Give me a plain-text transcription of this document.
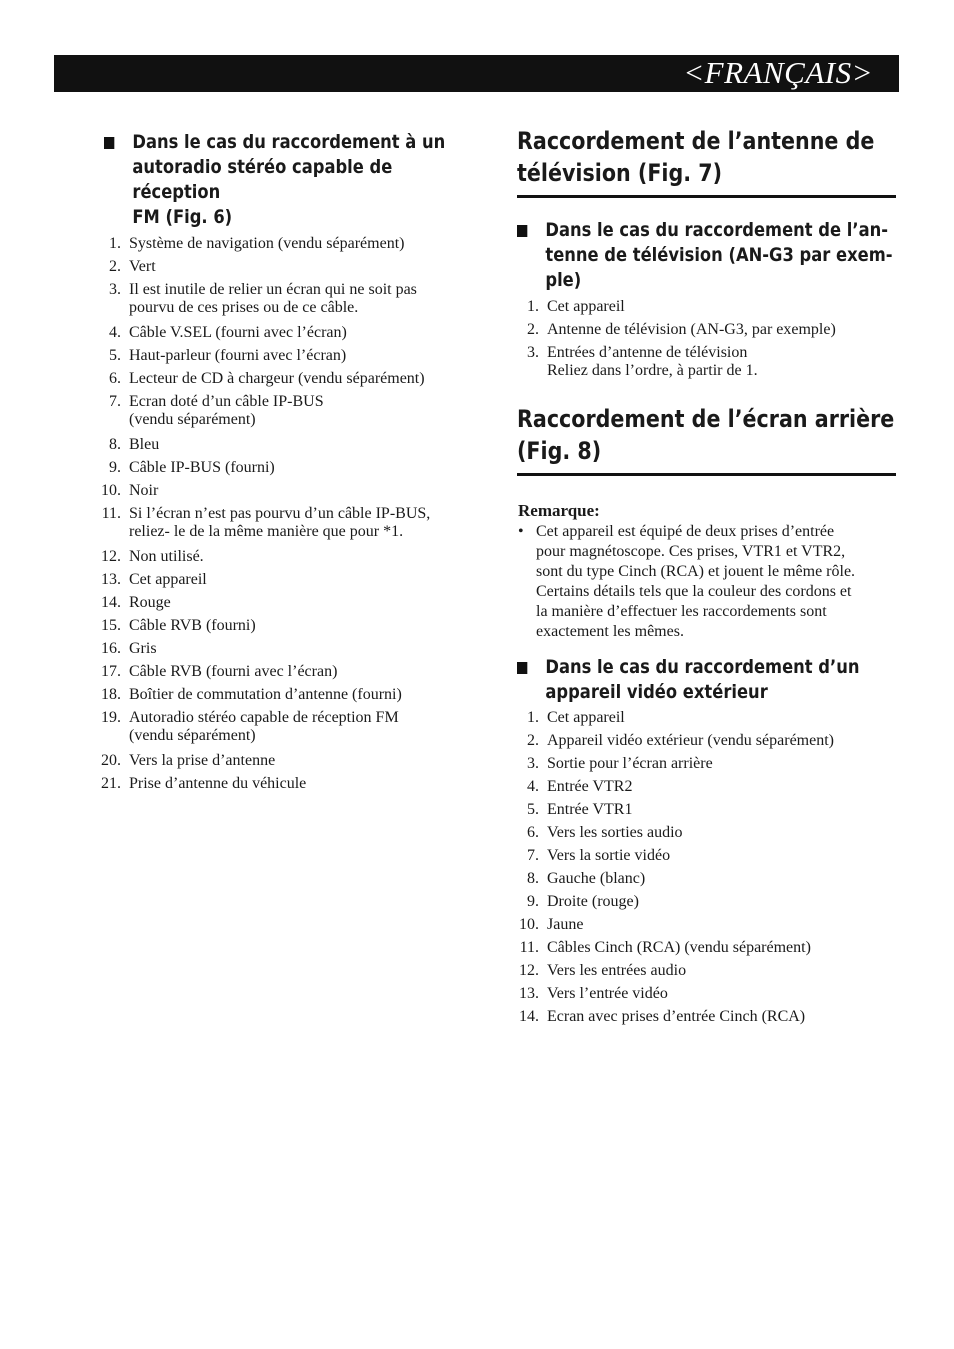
<FRANÇAIS>
Dans le cas du raccordement à un
autoradio stéréo capable de réception
FM (Fig. 6)
1. Système de navigation (vendu séparément)
2. Vert
3. Il est inutile de relier un écran qui ne soit pas
pourvu de ces prises ou de ce câble.
4. Câble V.SEL (fourni avec l’écran)
5. Haut-parleur (fourni avec l’écran)
6. Lecteur de CD à chargeur (vendu séparément)
7. Ecran doté d’un câble IP-BUS
(vendu séparément)
8. Bleu
9. Câble IP-BUS (fourni)
10. Noir
11. Si l’écran n’est pas pourvu d’un câble IP-BUS,
reliez- le de la même manière que pour *1.
12. Non utilisé.
13. Cet appareil
14. Rouge
15. Câble RVB (fourni)
16. Gris
17. Câble RVB (fourni avec l’écran)
18. Boîtier de commutation d’antenne (fourni)
19. Autoradio stéréo capable de réception FM
(vendu séparément)
20. Vers la prise d’antenne
21. Prise d’antenne du véhicule
Raccordement de l’antenne de
télévision (Fig. 7)
Dans le cas du raccordement de l’an-
tenne de télévision (AN-G3 par exem-
ple)
1. Cet appareil
2. Antenne de télévision (AN-G3, par exemple)
3. Entrées d’antenne de télévision
Reliez dans l’ordre, à partir de 1.
Raccordement de l’écran arrière
(Fig. 8)

Remarque:

• Cet appareil est équipé de deux prises d’entrée
pour magnétoscope. Ces prises, VTR1 et VTR2,
sont du type Cinch (RCA) et jouent le même rôle.
Certains détails tels que la couleur des cordons et
la manière d’effectuer les raccordements sont
exactement les mêmes.
Dans le cas du raccordement d’un
appareil vidéo extérieur
1. Cet appareil
2. Appareil vidéo extérieur (vendu séparément)
3. Sortie pour l’écran arrière
4. Entrée VTR2
5. Entrée VTR1
6. Vers les sorties audio
7. Vers la sortie vidéo
8. Gauche (blanc)
9. Droite (rouge)
10. Jaune
11. Câbles Cinch (RCA) (vendu séparément)
12. Vers les entrées audio
13. Vers l’entrée vidéo
14. Ecran avec prises d’entrée Cinch (RCA)
